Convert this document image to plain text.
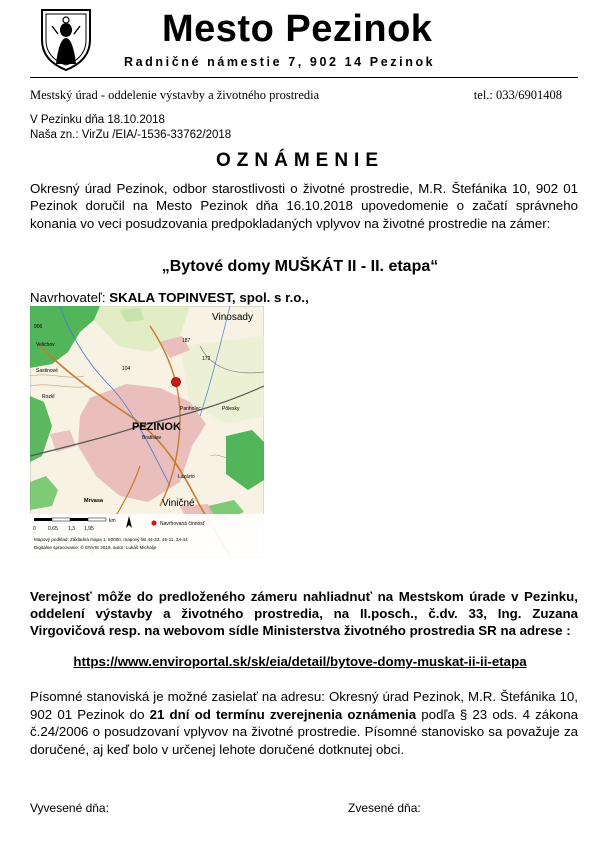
Mesto Pezinok
Radničné námestie 7, 902 14 Pezinok
Mestský úrad - oddelenie výstavby a životného prostredia	tel.: 033/6901408
V Pezinku dňa 18.10.2018
Naša zn.: VirZu /EIA/-1536-33762/2018
OZNÁMENIE
Okresný úrad Pezinok, odbor starostlivosti o životné prostredie, M.R. Štefánika 10, 902 01 Pezinok doručil na Mesto Pezinok dňa 16.10.2018 upovedomenie o začatí správneho konania vo veci posudzovania predpokladaných vplyvov na životné prostredie na zámer:
„Bytové domy MUŠKÁT II - II. etapa“
Navrhovateľ: SKALA TOPINVEST, spol. s r.o.,
Vinosady
PEZINOK
Bratislav
Viničné
Mrvasa
Sastinové
Panholec
Lazárto
Pôlesky
Rozkl
Velichov
104
172
187
906
0 0,65 1,3 1,95
km	Navrhovaná činnosť
Mapový podklad: Základná mapa 1: 50000, mapový list 44-22, 45-11, 34-44
Digitálne spracovanie: © ENVIS 2018, autor: Lukáš Michalje
Verejnosť môže do predloženého zámeru nahliadnuť na Mestskom úrade v Pezinku, oddelení výstavby a životného prostredia, na II.posch., č.dv. 33, Ing. Zuzana Virgovičová resp. na webovom sídle Ministerstva životného prostredia SR na adrese :
https://www.enviroportal.sk/sk/eia/detail/bytove-domy-muskat-ii-ii-etapa
Písomné stanoviská je možné zasielať na adresu: Okresný úrad Pezinok, M.R. Štefánika 10, 902 01 Pezinok do 21 dní od termínu zverejnenia oznámenia podľa § 23 ods. 4 zákona č.24/2006 o posudzovaní vplyvov na životné prostredie. Písomné stanovisko sa považuje za doručené, aj keď bolo v určenej lehote doručené dotknutej obci.
Vyvesené dňa:	Zvesené dňa:
